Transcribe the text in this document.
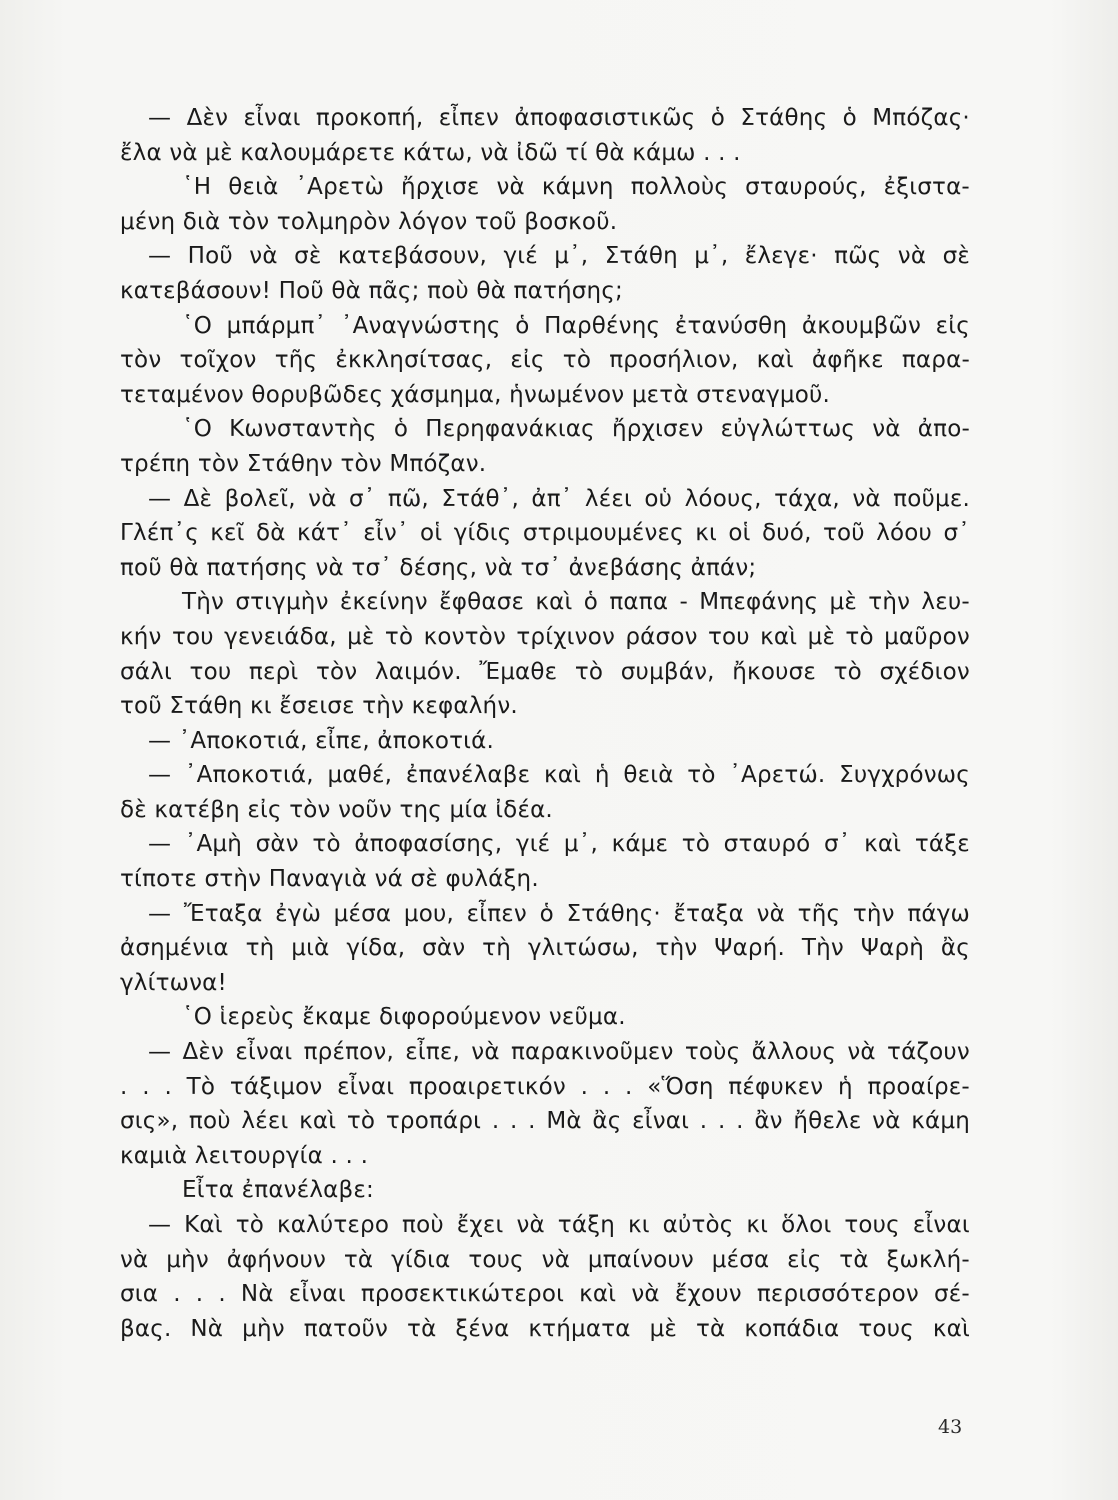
— Δὲν εἶναι προκοπή, εἶπεν ἀποφασιστικῶς ὁ Στάθης ὁ Μπόζας·
ἔλα νὰ μὲ καλουμάρετε κάτω, νὰ ἰδῶ τί θὰ κάμω . . .
῾Η θειὰ ᾿Αρετὼ ἤρχισε νὰ κάμνη πολλοὺς σταυρούς, ἐξιστα-
μένη διὰ τὸν τολμηρὸν λόγον τοῦ βοσκοῦ.
— Ποῦ νὰ σὲ κατεβάσουν, γιέ μ᾿, Στάθη μ᾿, ἔλεγε· πῶς νὰ σὲ
κατεβάσουν! Ποῦ θὰ πᾶς; ποὺ θὰ πατήσης;
῾Ο μπάρμπ᾿ ᾿Αναγνώστης ὁ Παρθένης ἐτανύσθη ἀκουμβῶν εἰς
τὸν τοῖχον τῆς ἐκκλησίτσας, εἰς τὸ προσήλιον, καὶ ἀφῆκε παρα-
τεταμένον θορυβῶδες χάσμημα, ἡνωμένον μετὰ στεναγμοῦ.
῾Ο Κωνσταντὴς ὁ Περηφανάκιας ἤρχισεν εὐγλώττως νὰ ἀπο-
τρέπη τὸν Στάθην τὸν Μπόζαν.
— Δὲ βολεῖ, νὰ σ᾿ πῶ, Στάθ᾿, ἀπ᾿ λέει οὑ λόους, τάχα, νὰ ποῦμε.
Γλέπ᾿ς κεῖ δὰ κάτ᾿ εἶν᾿ οἱ γίδις στριμουμένες κι οἱ δυό, τοῦ λόου σ᾿
ποῦ θὰ πατήσης νὰ τσ᾿ δέσης, νὰ τσ᾿ ἀνεβάσης ἀπάν;
Τὴν στιγμὴν ἐκείνην ἔφθασε καὶ ὁ παπα - Μπεφάνης μὲ τὴν λευ-
κήν του γενειάδα, μὲ τὸ κοντὸν τρίχινον ράσον του καὶ μὲ τὸ μαῦρον
σάλι του περὶ τὸν λαιμόν. Ἔμαθε τὸ συμβάν, ἤκουσε τὸ σχέδιον
τοῦ Στάθη κι ἔσεισε τὴν κεφαλήν.
— ᾿Αποκοτιά, εἶπε, ἀποκοτιά.
— ᾿Αποκοτιά, μαθέ, ἐπανέλαβε καὶ ἡ θειὰ τὸ ᾿Αρετώ. Συγχρόνως
δὲ κατέβη εἰς τὸν νοῦν της μία ἰδέα.
— ᾿Αμὴ σὰν τὸ ἀποφασίσης, γιέ μ᾿, κάμε τὸ σταυρό σ᾿ καὶ τάξε
τίποτε στὴν Παναγιὰ νά σὲ φυλάξη.
— Ἔταξα ἐγὼ μέσα μου, εἶπεν ὁ Στάθης· ἔταξα νὰ τῆς τὴν πάγω
ἀσημένια τὴ μιὰ γίδα, σὰν τὴ γλιτώσω, τὴν Ψαρή. Τὴν Ψαρὴ ἂς
γλίτωνα!
῾Ο ἱερεὺς ἔκαμε διφορούμενον νεῦμα.
— Δὲν εἶναι πρέπον, εἶπε, νὰ παρακινοῦμεν τοὺς ἄλλους νὰ τάζουν
. . . Τὸ τάξιμον εἶναι προαιρετικόν . . . «Ὅση πέφυκεν ἡ προαίρε-
σις», ποὺ λέει καὶ τὸ τροπάρι . . . Μὰ ἂς εἶναι . . . ἂν ἤθελε νὰ κάμη
καμιὰ λειτουργία . . .
Εἶτα ἐπανέλαβε:
— Καὶ τὸ καλύτερο ποὺ ἔχει νὰ τάξη κι αὐτὸς κι ὅλοι τους εἶναι
νὰ μὴν ἀφήνουν τὰ γίδια τους νὰ μπαίνουν μέσα εἰς τὰ ξωκλή-
σια . . . Νὰ εἶναι προσεκτικώτεροι καὶ νὰ ἔχουν περισσότερον σέ-
βας. Νὰ μὴν πατοῦν τὰ ξένα κτήματα μὲ τὰ κοπάδια τους καὶ
43
